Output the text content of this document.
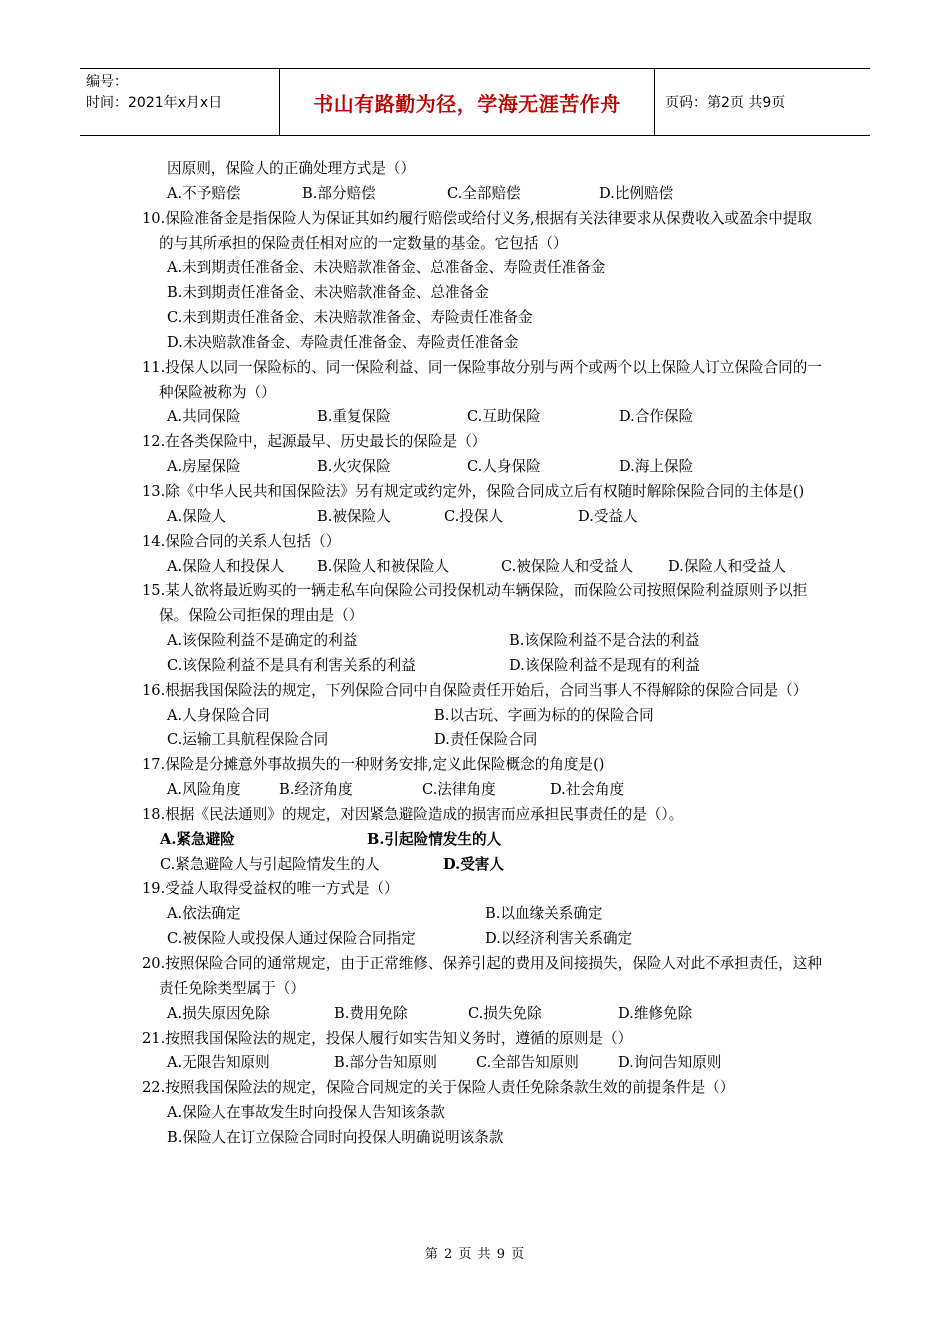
编号：
时间：2021年x月x日	书山有路勤为径，学海无涯苦作舟	页码：第2页 共9页
因原则，保险人的正确处理方式是（）
A.不予赔偿	B.部分赔偿	C.全部赔偿	D.比例赔偿
10.保险准备金是指保险人为保证其如约履行赔偿或给付义务,根据有关法律要求从保费收入或盈余中提取的与其所承担的保险责任相对应的一定数量的基金。它包括（）
A.未到期责任准备金、未决赔款准备金、总准备金、寿险责任准备金
B.未到期责任准备金、未决赔款准备金、总准备金
C.未到期责任准备金、未决赔款准备金、寿险责任准备金
D.未决赔款准备金、寿险责任准备金、寿险责任准备金
11.投保人以同一保险标的、同一保险利益、同一保险事故分别与两个或两个以上保险人订立保险合同的一种保险被称为（）
A.共同保险	B.重复保险	C.互助保险	D.合作保险
12.在各类保险中，起源最早、历史最长的保险是（）
A.房屋保险	B.火灾保险	C.人身保险	D.海上保险
13.除《中华人民共和国保险法》另有规定或约定外，保险合同成立后有权随时解除保险合同的主体是()
A.保险人	B.被保险人	C.投保人	D.受益人
14.保险合同的关系人包括（）
A.保险人和投保人 B.保险人和被保险人	C.被保险人和受益人 D.保险人和受益人
15.某人欲将最近购买的一辆走私车向保险公司投保机动车辆保险，而保险公司按照保险利益原则予以拒保。保险公司拒保的理由是（）
A.该保险利益不是确定的利益	B.该保险利益不是合法的利益
C.该保险利益不是具有利害关系的利益	D.该保险利益不是现有的利益
16.根据我国保险法的规定，下列保险合同中自保险责任开始后，合同当事人不得解除的保险合同是（）
A.人身保险合同	B.以古玩、字画为标的的保险合同
C.运输工具航程保险合同	D.责任保险合同
17.保险是分摊意外事故损失的一种财务安排,定义此保险概念的角度是()
A.风险角度	B.经济角度	C.法律角度	D.社会角度
18.根据《民法通则》的规定，对因紧急避险造成的损害而应承担民事责任的是（）。
A.紧急避险	B.引起险情发生的人
C.紧急避险人与引起险情发生的人	D.受害人
19.受益人取得受益权的唯一方式是（）
A.依法确定	B.以血缘关系确定
C.被保险人或投保人通过保险合同指定	D.以经济利害关系确定
20.按照保险合同的通常规定，由于正常维修、保养引起的费用及间接损失，保险人对此不承担责任，这种责任免除类型属于（）
A.损失原因免除	B.费用免除	C.损失免除	D.维修免除
21.按照我国保险法的规定，投保人履行如实告知义务时，遵循的原则是（）
A.无限告知原则	B.部分告知原则	C.全部告知原则	D.询问告知原则
22.按照我国保险法的规定，保险合同规定的关于保险人责任免除条款生效的前提条件是（）
A.保险人在事故发生时向投保人告知该条款
B.保险人在订立保险合同时向投保人明确说明该条款
第 2 页 共 9 页
